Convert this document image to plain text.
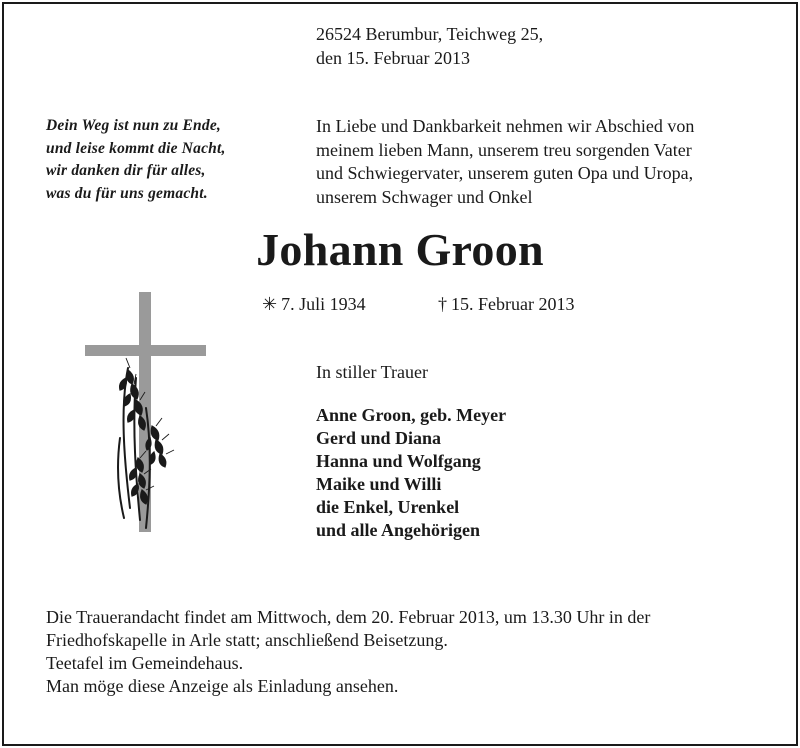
26524 Berumbur, Teichweg 25,
den 15. Februar 2013
Dein Weg ist nun zu Ende,
und leise kommt die Nacht,
wir danken dir für alles,
was du für uns gemacht.
In Liebe und Dankbarkeit nehmen wir Abschied von
meinem lieben Mann, unserem treu sorgenden Vater
und Schwiegervater, unserem guten Opa und Uropa,
unserem Schwager und Onkel
Johann Groon
✳ 7. Juli 1934	† 15. Februar 2013
In stiller Trauer
Anne Groon, geb. Meyer
Gerd und Diana
Hanna und Wolfgang
Maike und Willi
die Enkel, Urenkel
und alle Angehörigen
Die Trauerandacht findet am Mittwoch, dem 20. Februar 2013, um 13.30 Uhr in der
Friedhofskapelle in Arle statt; anschließend Beisetzung.
Teetafel im Gemeindehaus.
Man möge diese Anzeige als Einladung ansehen.
